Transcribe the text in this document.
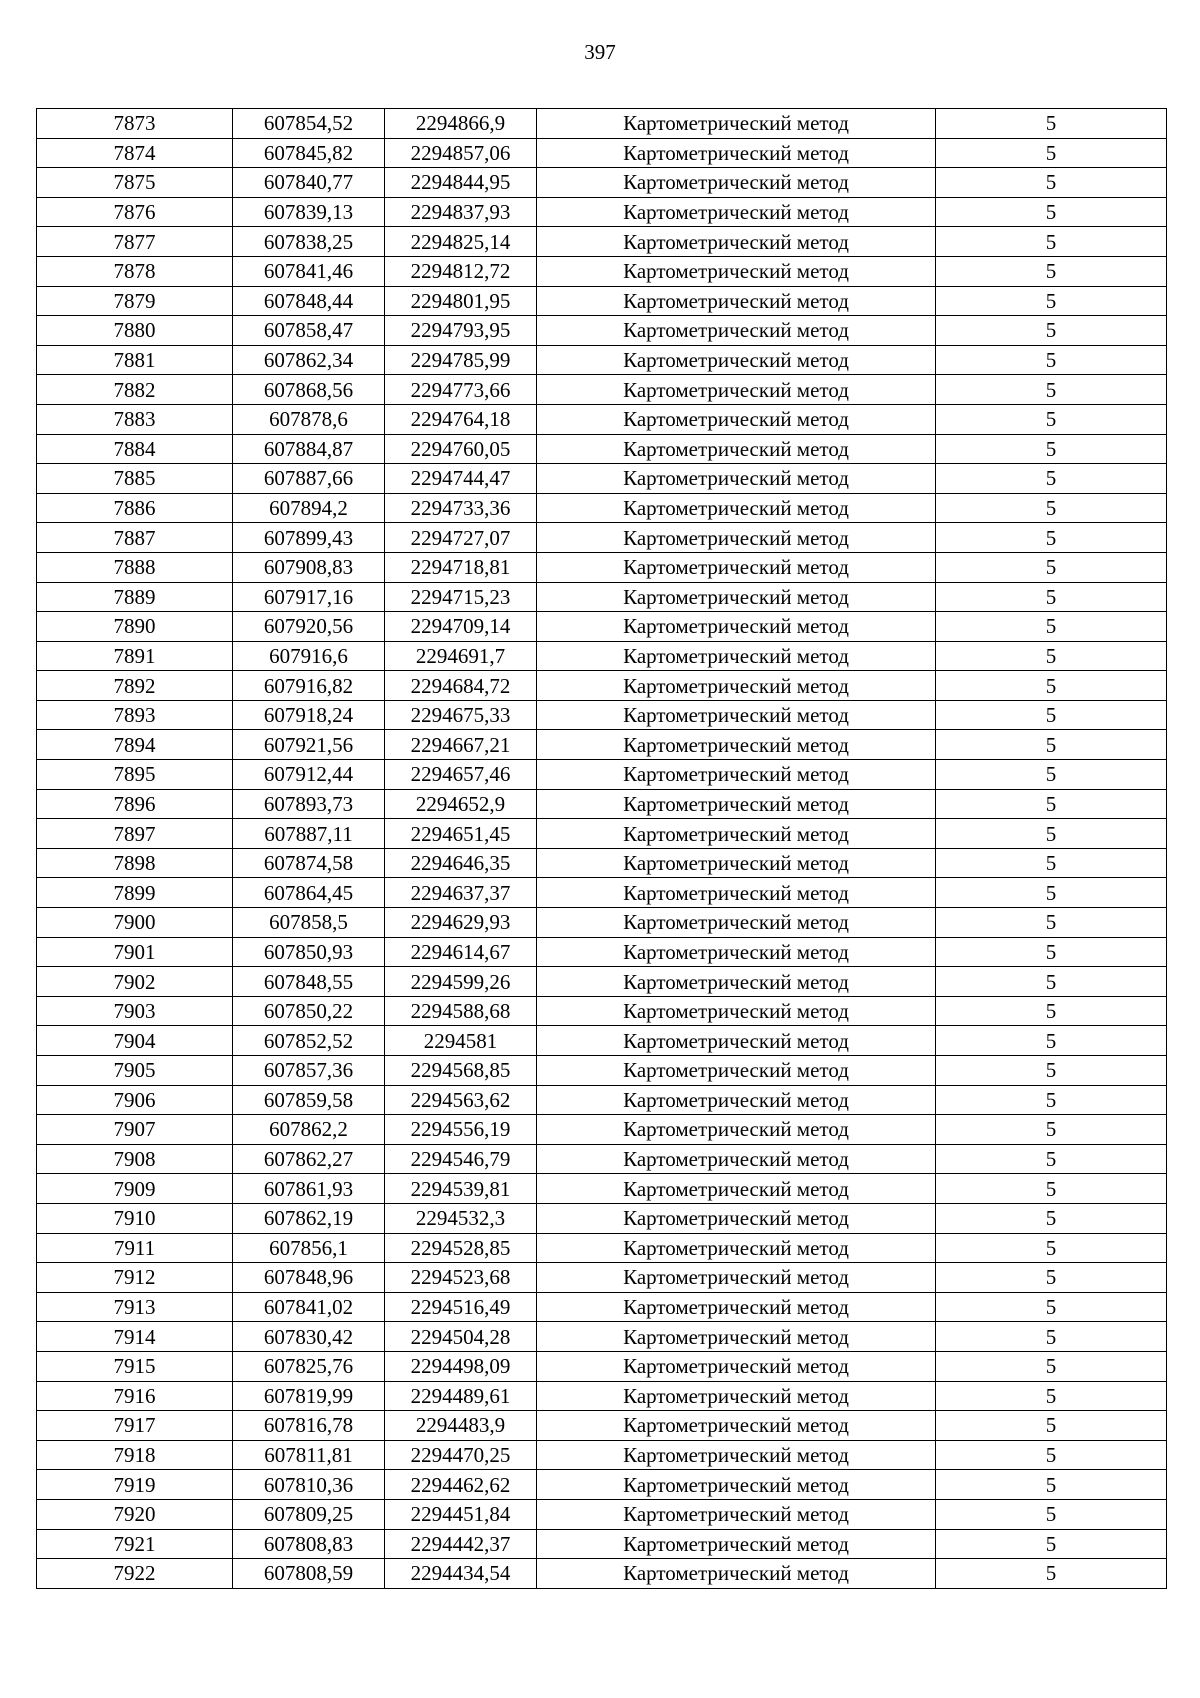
397
7873	607854,52	2294866,9	Картометрический метод	5
7874	607845,82	2294857,06	Картометрический метод	5
7875	607840,77	2294844,95	Картометрический метод	5
7876	607839,13	2294837,93	Картометрический метод	5
7877	607838,25	2294825,14	Картометрический метод	5
7878	607841,46	2294812,72	Картометрический метод	5
7879	607848,44	2294801,95	Картометрический метод	5
7880	607858,47	2294793,95	Картометрический метод	5
7881	607862,34	2294785,99	Картометрический метод	5
7882	607868,56	2294773,66	Картометрический метод	5
7883	607878,6	2294764,18	Картометрический метод	5
7884	607884,87	2294760,05	Картометрический метод	5
7885	607887,66	2294744,47	Картометрический метод	5
7886	607894,2	2294733,36	Картометрический метод	5
7887	607899,43	2294727,07	Картометрический метод	5
7888	607908,83	2294718,81	Картометрический метод	5
7889	607917,16	2294715,23	Картометрический метод	5
7890	607920,56	2294709,14	Картометрический метод	5
7891	607916,6	2294691,7	Картометрический метод	5
7892	607916,82	2294684,72	Картометрический метод	5
7893	607918,24	2294675,33	Картометрический метод	5
7894	607921,56	2294667,21	Картометрический метод	5
7895	607912,44	2294657,46	Картометрический метод	5
7896	607893,73	2294652,9	Картометрический метод	5
7897	607887,11	2294651,45	Картометрический метод	5
7898	607874,58	2294646,35	Картометрический метод	5
7899	607864,45	2294637,37	Картометрический метод	5
7900	607858,5	2294629,93	Картометрический метод	5
7901	607850,93	2294614,67	Картометрический метод	5
7902	607848,55	2294599,26	Картометрический метод	5
7903	607850,22	2294588,68	Картометрический метод	5
7904	607852,52	2294581	Картометрический метод	5
7905	607857,36	2294568,85	Картометрический метод	5
7906	607859,58	2294563,62	Картометрический метод	5
7907	607862,2	2294556,19	Картометрический метод	5
7908	607862,27	2294546,79	Картометрический метод	5
7909	607861,93	2294539,81	Картометрический метод	5
7910	607862,19	2294532,3	Картометрический метод	5
7911	607856,1	2294528,85	Картометрический метод	5
7912	607848,96	2294523,68	Картометрический метод	5
7913	607841,02	2294516,49	Картометрический метод	5
7914	607830,42	2294504,28	Картометрический метод	5
7915	607825,76	2294498,09	Картометрический метод	5
7916	607819,99	2294489,61	Картометрический метод	5
7917	607816,78	2294483,9	Картометрический метод	5
7918	607811,81	2294470,25	Картометрический метод	5
7919	607810,36	2294462,62	Картометрический метод	5
7920	607809,25	2294451,84	Картометрический метод	5
7921	607808,83	2294442,37	Картометрический метод	5
7922	607808,59	2294434,54	Картометрический метод	5
